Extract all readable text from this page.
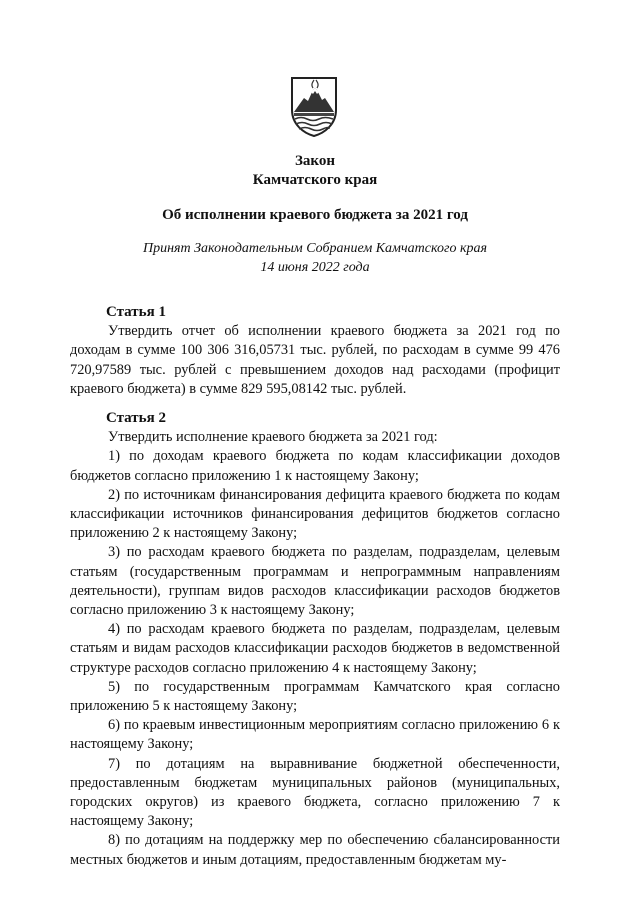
Закон
Камчатского края
Об исполнении краевого бюджета за 2021 год
Принят Законодательным Собранием Камчатского края
14 июня 2022 года
Статья 1

Утвердить отчет об исполнении краевого бюджета за 2021 год по доходам в сумме 100 306 316,05731 тыс. рублей, по расходам в сумме 99 476 720,97589 тыс. рублей с превышением доходов над расходами (профицит краевого бюджета) в сумме 829 595,08142 тыс. рублей.

Статья 2

Утвердить исполнение краевого бюджета за 2021 год:

1) по доходам краевого бюджета по кодам классификации доходов бюджетов согласно приложению 1 к настоящему Закону;

2) по источникам финансирования дефицита краевого бюджета по кодам классификации источников финансирования дефицитов бюджетов согласно приложению 2 к настоящему Закону;

3) по расходам краевого бюджета по разделам, подразделам, целевым статьям (государственным программам и непрограммным направлениям деятельности), группам видов расходов классификации расходов бюджетов согласно приложению 3 к настоящему Закону;

4) по расходам краевого бюджета по разделам, подразделам, целевым статьям и видам расходов классификации расходов бюджетов в ведомственной структуре расходов согласно приложению 4 к настоящему Закону;

5) по государственным программам Камчатского края согласно приложению 5 к настоящему Закону;

6) по краевым инвестиционным мероприятиям согласно приложению 6 к настоящему Закону;

7) по дотациям на выравнивание бюджетной обеспеченности, предоставленным бюджетам муниципальных районов (муниципальных, городских округов) из краевого бюджета, согласно приложению 7 к настоящему Закону;

8) по дотациям на поддержку мер по обеспечению сбалансированности местных бюджетов и иным дотациям, предоставленным бюджетам му-
